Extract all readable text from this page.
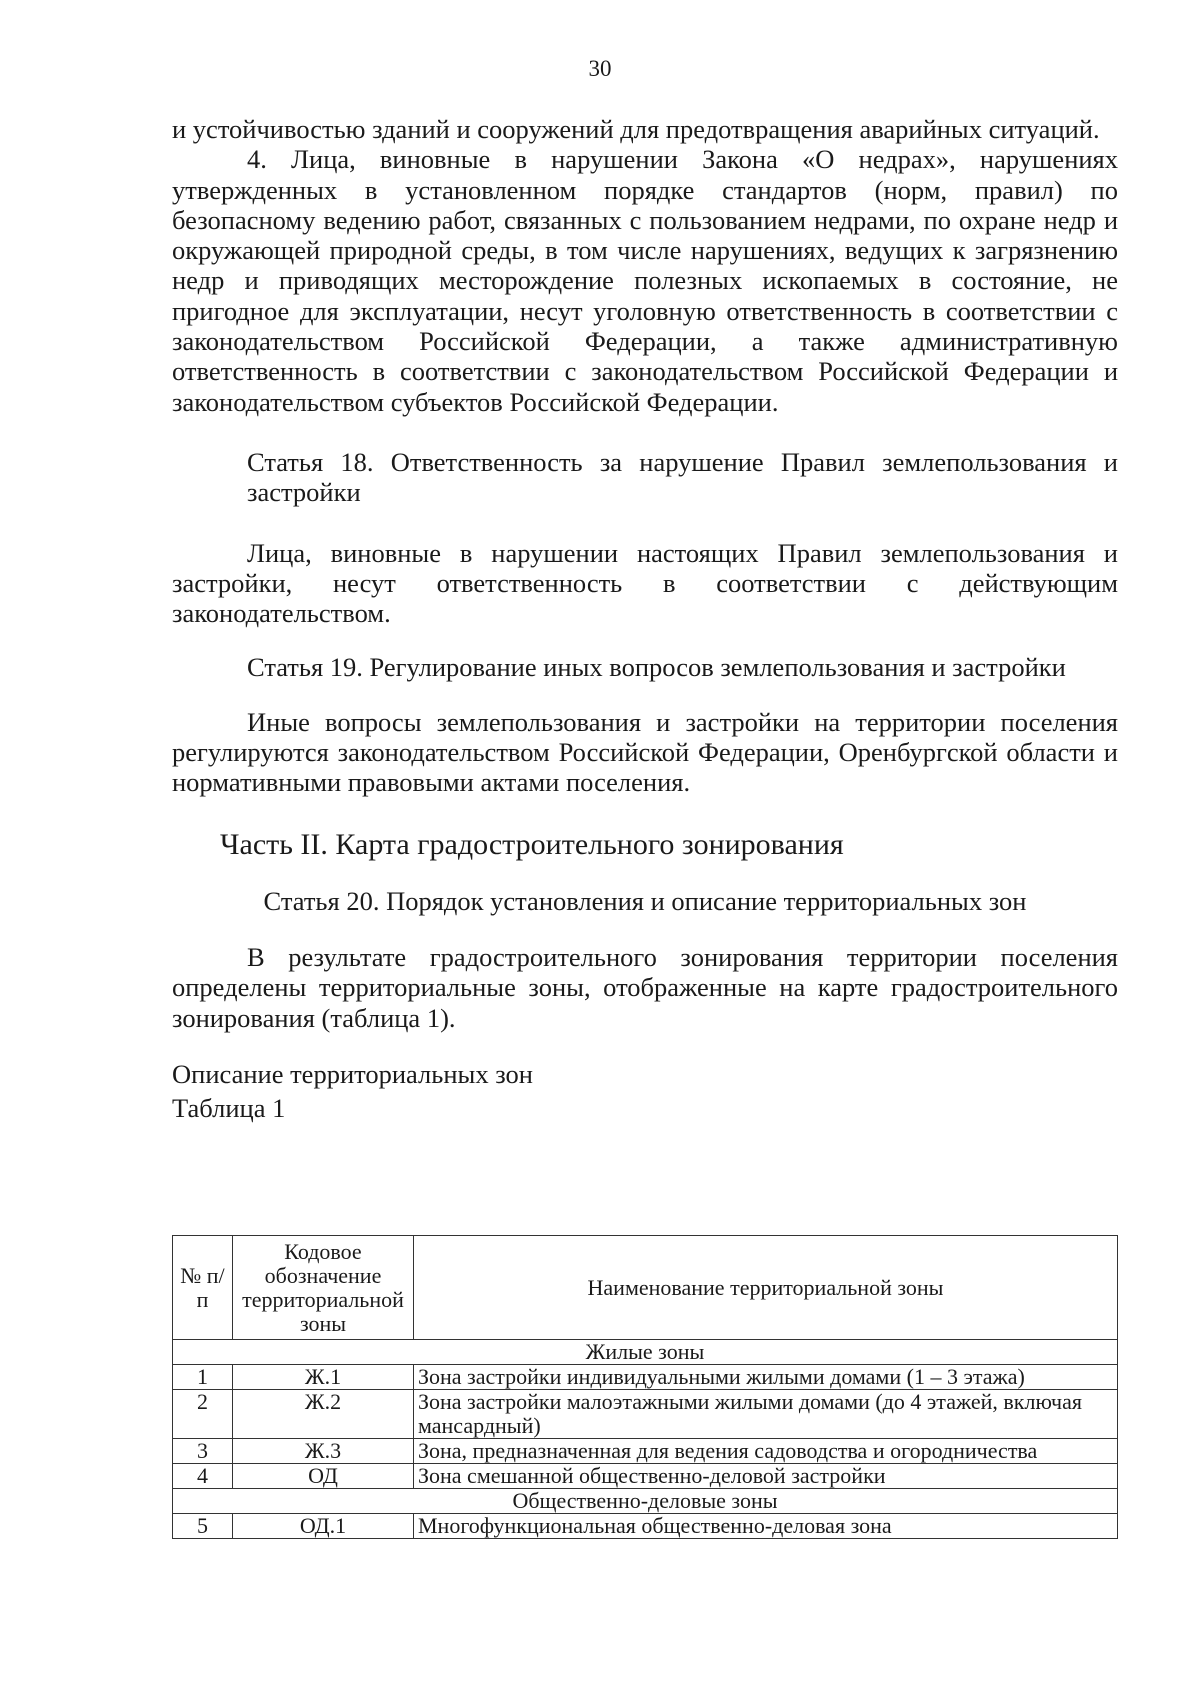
30

и устойчивостью зданий и сооружений для предотвращения аварийных ситуаций.

4. Лица, виновные в нарушении Закона «О недрах», нарушениях утвержденных в установленном порядке стандартов (норм, правил) по безопасному ведению работ, связанных с пользованием недрами, по охране недр и окружающей природной среды, в том числе нарушениях, ведущих к загрязнению недр и приводящих месторождение полезных ископаемых в состояние, не пригодное для эксплуатации, несут уголовную ответственность в соответствии с законодательством Российской Федерации, а также административную ответственность в соответствии с законодательством Российской Федерации и законодательством субъектов Российской Федерации.

Статья 18. Ответственность за нарушение Правил землепользования и застройки

Лица, виновные в нарушении настоящих Правил землепользования и застройки, несут ответственность в соответствии с действующим законодательством.

Статья 19. Регулирование иных вопросов землепользования и застройки

Иные вопросы землепользования и застройки на территории поселения регулируются законодательством Российской Федерации, Оренбургской области и нормативными правовыми актами поселения.

Часть II. Карта градостроительного зонирования

Статья 20. Порядок установления и описание территориальных зон

В результате градостроительного зонирования территории поселения определены территориальные зоны, отображенные на карте градостроительного зонирования (таблица 1).

Описание территориальных зон

Таблица 1

№ п/п	Кодовое обозначение территориальной зоны	Наименование территориальной зоны
Жилые зоны		
1	Ж.1	Зона застройки индивидуальными жилыми домами (1 – 3 этажа)
2	Ж.2	Зона застройки малоэтажными жилыми домами (до 4 этажей, включая мансардный)
3	Ж.3	Зона, предназначенная для ведения садоводства и огородничества
4	ОД	Зона смешанной общественно-деловой застройки
Общественно-деловые зоны		
5	ОД.1	Многофункциональная общественно-деловая зона
